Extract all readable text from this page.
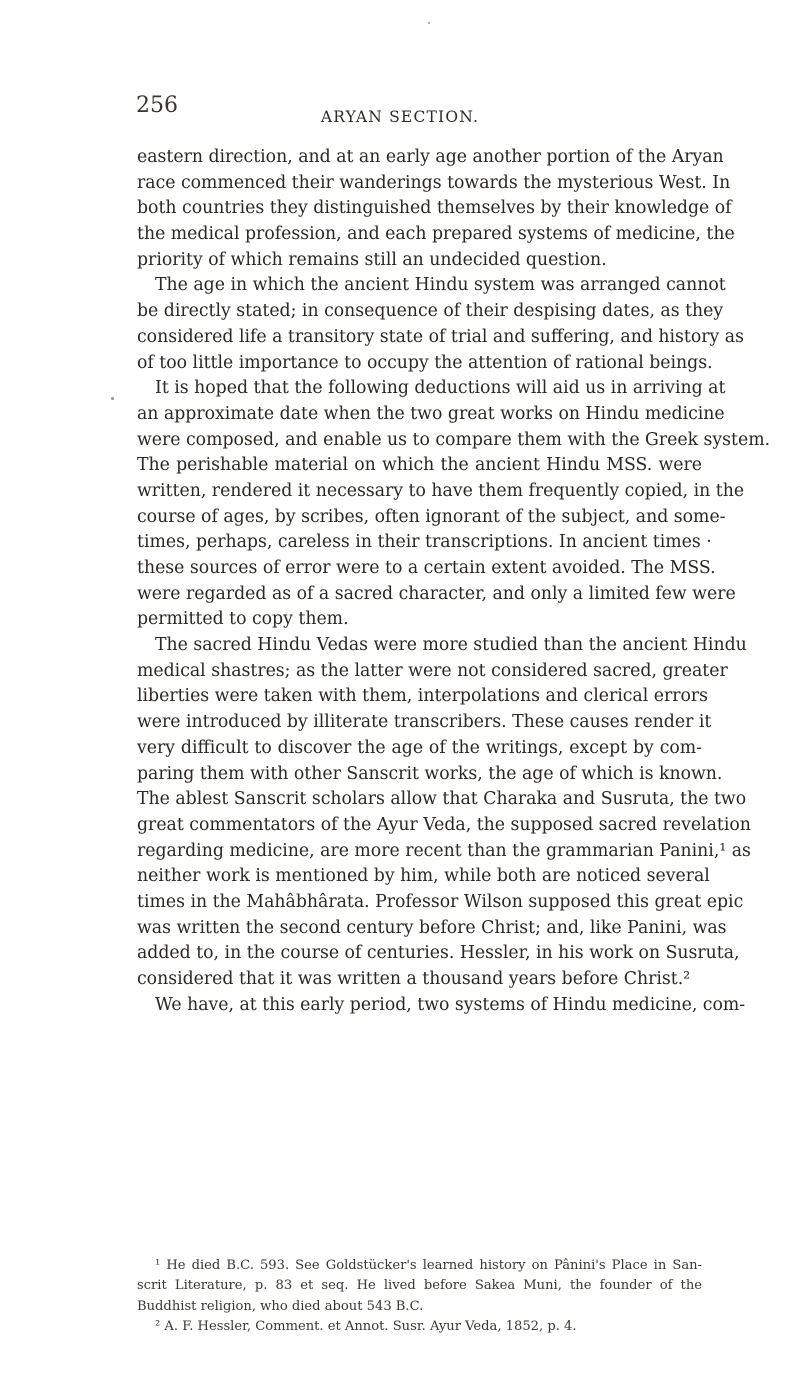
256	ARYAN SECTION.
eastern direction, and at an early age another portion of the Aryan
race commenced their wanderings towards the mysterious West. In
both countries they distinguished themselves by their knowledge of
the medical profession, and each prepared systems of medicine, the
priority of which remains still an undecided question.
The age in which the ancient Hindu system was arranged cannot
be directly stated; in consequence of their despising dates, as they
considered life a transitory state of trial and suffering, and history as
of too little importance to occupy the attention of rational beings.
It is hoped that the following deductions will aid us in arriving at
an approximate date when the two great works on Hindu medicine
were composed, and enable us to compare them with the Greek system.
The perishable material on which the ancient Hindu MSS. were
written, rendered it necessary to have them frequently copied, in the
course of ages, by scribes, often ignorant of the subject, and some-
times, perhaps, careless in their transcriptions. In ancient times ·
these sources of error were to a certain extent avoided. The MSS.
were regarded as of a sacred character, and only a limited few were
permitted to copy them.
The sacred Hindu Vedas were more studied than the ancient Hindu
medical shastres; as the latter were not considered sacred, greater
liberties were taken with them, interpolations and clerical errors
were introduced by illiterate transcribers. These causes render it
very difficult to discover the age of the writings, except by com-
paring them with other Sanscrit works, the age of which is known.
The ablest Sanscrit scholars allow that Charaka and Susruta, the two
great commentators of the Ayur Veda, the supposed sacred revelation
regarding medicine, are more recent than the grammarian Panini,¹ as
neither work is mentioned by him, while both are noticed several
times in the Mahâbhârata. Professor Wilson supposed this great epic
was written the second century before Christ; and, like Panini, was
added to, in the course of centuries. Hessler, in his work on Susruta,
considered that it was written a thousand years before Christ.²
We have, at this early period, two systems of Hindu medicine, com-
¹ He died B.C. 593. See Goldstücker's learned history on Pânini's Place in San-
scrit Literature, p. 83 et seq. He lived before Sakea Muni, the founder of the
Buddhist religion, who died about 543 B.C.
² A. F. Hessler, Comment. et Annot. Susr. Ayur Veda, 1852, p. 4.
